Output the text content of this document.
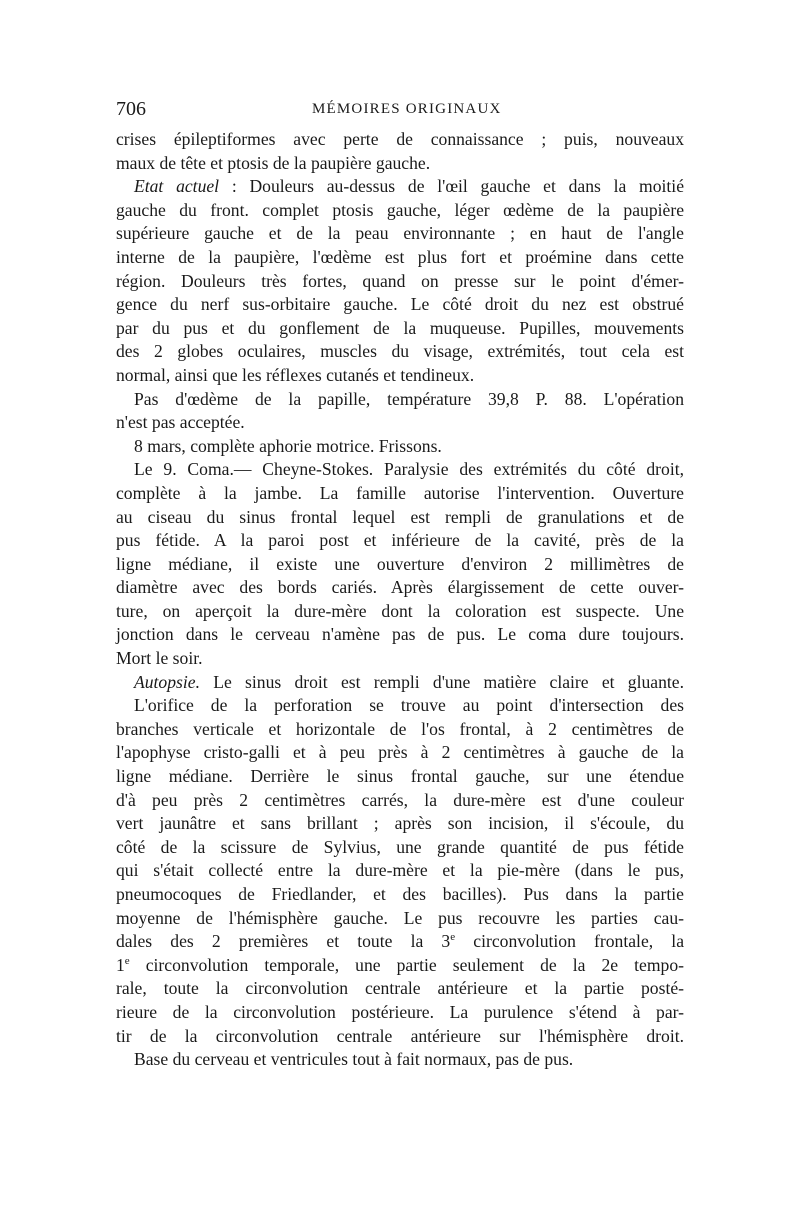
706	MÉMOIRES ORIGINAUX
crises épileptiformes avec perte de connaissance ; puis, nouveaux
maux de tête et ptosis de la paupière gauche.
Etat actuel : Douleurs au-dessus de l'œil gauche et dans la moitié
gauche du front. complet ptosis gauche, léger œdème de la paupière
supérieure gauche et de la peau environnante ; en haut de l'angle
interne de la paupière, l'œdème est plus fort et proémine dans cette
région. Douleurs très fortes, quand on presse sur le point d'émer-
gence du nerf sus-orbitaire gauche. Le côté droit du nez est obstrué
par du pus et du gonflement de la muqueuse. Pupilles, mouvements
des 2 globes oculaires, muscles du visage, extrémités, tout cela est
normal, ainsi que les réflexes cutanés et tendineux.
Pas d'œdème de la papille, température 39,8 P. 88. L'opération
n'est pas acceptée.
8 mars, complète aphorie motrice. Frissons.
Le 9. Coma.— Cheyne-Stokes. Paralysie des extrémités du côté droit,
complète à la jambe. La famille autorise l'intervention. Ouverture
au ciseau du sinus frontal lequel est rempli de granulations et de
pus fétide. A la paroi post et inférieure de la cavité, près de la
ligne médiane, il existe une ouverture d'environ 2 millimètres de
diamètre avec des bords cariés. Après élargissement de cette ouver-
ture, on aperçoit la dure-mère dont la coloration est suspecte. Une
jonction dans le cerveau n'amène pas de pus. Le coma dure toujours.
Mort le soir.
Autopsie. Le sinus droit est rempli d'une matière claire et gluante.
L'orifice de la perforation se trouve au point d'intersection des
branches verticale et horizontale de l'os frontal, à 2 centimètres de
l'apophyse cristo-galli et à peu près à 2 centimètres à gauche de la
ligne médiane. Derrière le sinus frontal gauche, sur une étendue
d'à peu près 2 centimètres carrés, la dure-mère est d'une couleur
vert jaunâtre et sans brillant ; après son incision, il s'écoule, du
côté de la scissure de Sylvius, une grande quantité de pus fétide
qui s'était collecté entre la dure-mère et la pie-mère (dans le pus,
pneumocoques de Friedlander, et des bacilles). Pus dans la partie
moyenne de l'hémisphère gauche. Le pus recouvre les parties cau-
dales des 2 premières et toute la 3e circonvolution frontale, la
1e circonvolution temporale, une partie seulement de la 2e tempo-
rale, toute la circonvolution centrale antérieure et la partie posté-
rieure de la circonvolution postérieure. La purulence s'étend à par-
tir de la circonvolution centrale antérieure sur l'hémisphère droit.
Base du cerveau et ventricules tout à fait normaux, pas de pus.
